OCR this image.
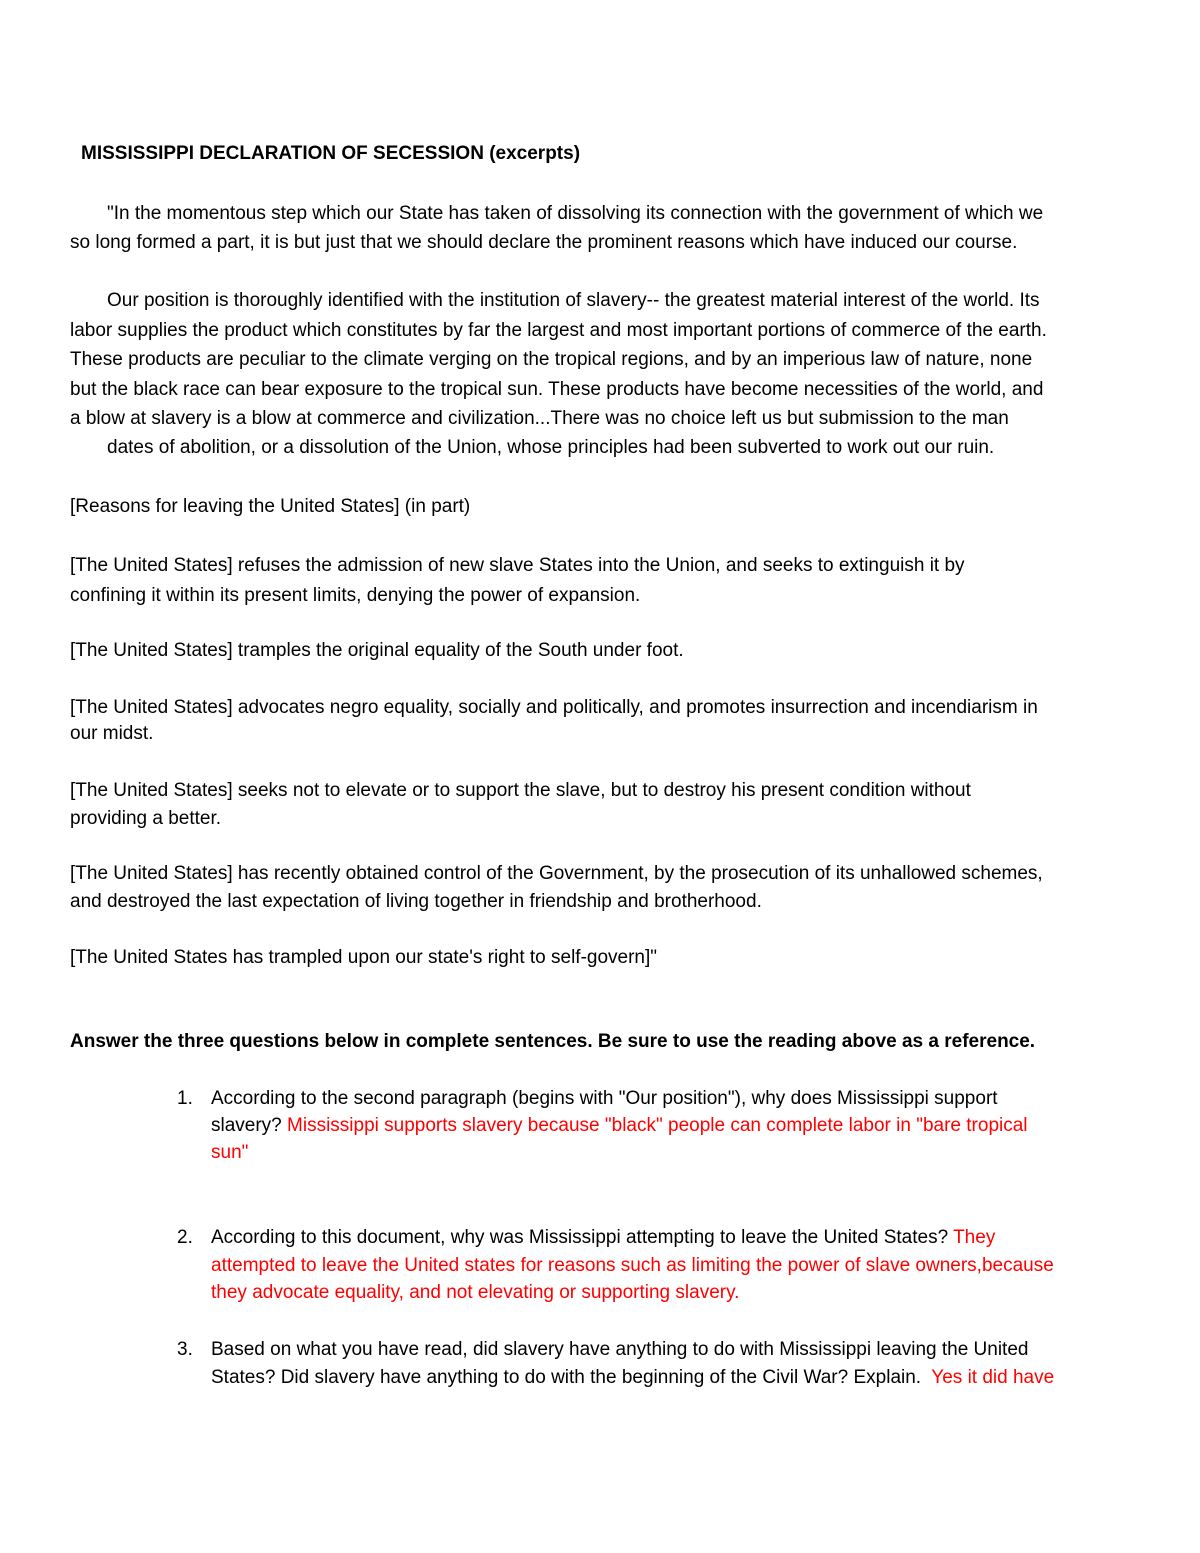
MISSISSIPPI DECLARATION OF SECESSION (excerpts)
"In the momentous step which our State has taken of dissolving its connection with the government of which we
so long formed a part, it is but just that we should declare the prominent reasons which have induced our course.
Our position is thoroughly identified with the institution of slavery-- the greatest material interest of the world. Its
labor supplies the product which constitutes by far the largest and most important portions of commerce of the earth.
These products are peculiar to the climate verging on the tropical regions, and by an imperious law of nature, none
but the black race can bear exposure to the tropical sun. These products have become necessities of the world, and
a blow at slavery is a blow at commerce and civilization...There was no choice left us but submission to the man
dates of abolition, or a dissolution of the Union, whose principles had been subverted to work out our ruin.
[Reasons for leaving the United States] (in part)
[The United States] refuses the admission of new slave States into the Union, and seeks to extinguish it by
confining it within its present limits, denying the power of expansion.
[The United States] tramples the original equality of the South under foot.
[The United States] advocates negro equality, socially and politically, and promotes insurrection and incendiarism in
our midst.
[The United States] seeks not to elevate or to support the slave, but to destroy his present condition without
providing a better.
[The United States] has recently obtained control of the Government, by the prosecution of its unhallowed schemes,
and destroyed the last expectation of living together in friendship and brotherhood.
[The United States has trampled upon our state's right to self-govern]"
Answer the three questions below in complete sentences. Be sure to use the reading above as a reference.
1. According to the second paragraph (begins with "Our position"), why does Mississippi support
slavery? Mississippi supports slavery because "black" people can complete labor in "bare tropical
sun"
2. According to this document, why was Mississippi attempting to leave the United States? They
attempted to leave the United states for reasons such as limiting the power of slave owners,because
they advocate equality, and not elevating or supporting slavery.
3. Based on what you have read, did slavery have anything to do with Mississippi leaving the United
States? Did slavery have anything to do with the beginning of the Civil War? Explain.  Yes it did have
